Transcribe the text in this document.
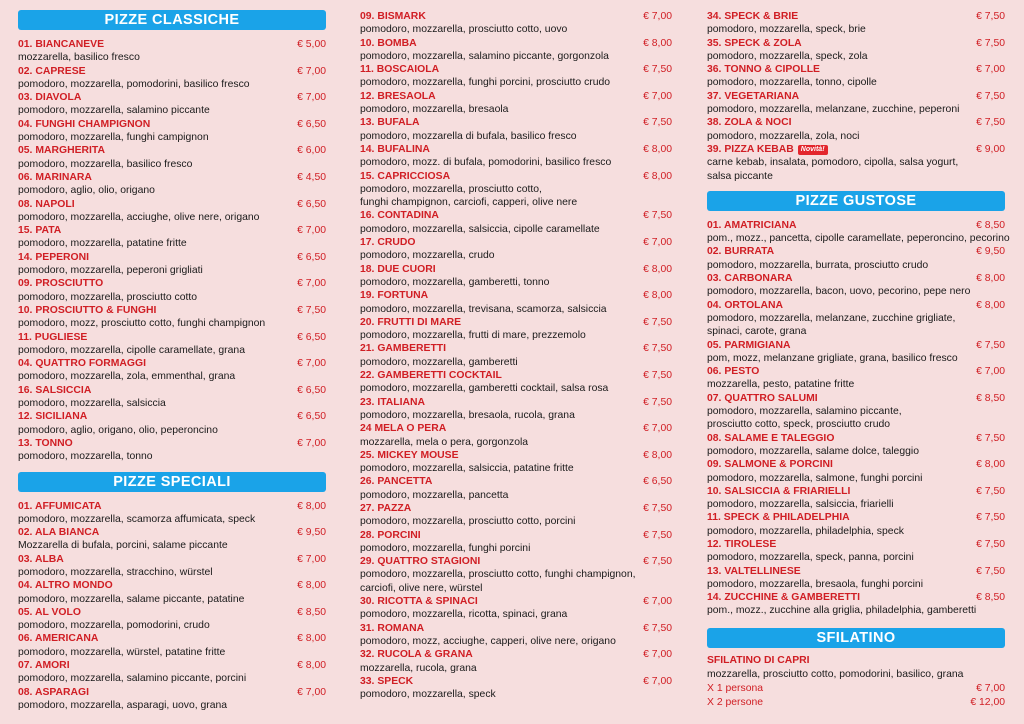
PIZZE CLASSICHE
01. BIANCANEVE	€ 5,00
mozzarella, basilico fresco
02. CAPRESE	€ 7,00
pomodoro, mozzarella, pomodorini, basilico fresco
03. DIAVOLA	€ 7,00
pomodoro, mozzarella, salamino piccante
04. FUNGHI CHAMPIGNON	€ 6,50
pomodoro, mozzarella, funghi campignon
05. MARGHERITA	€ 6,00
pomodoro, mozzarella, basilico fresco
06. MARINARA	€ 4,50
pomodoro, aglio, olio, origano
08. NAPOLI	€ 6,50
pomodoro, mozzarella, acciughe, olive nere, origano
15. PATA	€ 7,00
pomodoro, mozzarella, patatine fritte
14. PEPERONI	€ 6,50
pomodoro, mozzarella, peperoni grigliati
09. PROSCIUTTO	€ 7,00
pomodoro, mozzarella, prosciutto cotto
10. PROSCIUTTO & FUNGHI	€ 7,50
pomodoro, mozz, prosciutto cotto, funghi champignon
11. PUGLIESE	€ 6,50
pomodoro, mozzarella, cipolle caramellate, grana
04. QUATTRO FORMAGGI	€ 7,00
pomodoro, mozzarella, zola, emmenthal, grana
16. SALSICCIA	€ 6,50
pomodoro, mozzarella, salsiccia
12. SICILIANA	€ 6,50
pomodoro, aglio, origano, olio, peperoncino
13. TONNO	€ 7,00
pomodoro, mozzarella, tonno
PIZZE SPECIALI
01. AFFUMICATA	€ 8,00
pomodoro, mozzarella, scamorza affumicata, speck
02. ALA BIANCA	€ 9,50
Mozzarella di bufala, porcini, salame piccante
03. ALBA	€ 7,00
pomodoro, mozzarella, stracchino, würstel
04. ALTRO MONDO	€ 8,00
pomodoro, mozzarella, salame piccante, patatine
05. AL VOLO	€ 8,50
pomodoro, mozzarella, pomodorini, crudo
06. AMERICANA	€ 8,00
pomodoro, mozzarella, würstel, patatine fritte
07. AMORI	€ 8,00
pomodoro, mozzarella, salamino piccante, porcini
08. ASPARAGI	€ 7,00
pomodoro, mozzarella, asparagi, uovo, grana
09. BISMARK	€ 7,00
pomodoro, mozzarella, prosciutto cotto, uovo
10. BOMBA	€ 8,00
pomodoro, mozzarella, salamino piccante, gorgonzola
11. BOSCAIOLA	€ 7,50
pomodoro, mozzarella, funghi porcini, prosciutto crudo
12. BRESAOLA	€ 7,00
pomodoro, mozzarella, bresaola
13. BUFALA	€ 7,50
pomodoro, mozzarella di bufala, basilico fresco
14. BUFALINA	€ 8,00
pomodoro, mozz. di bufala, pomodorini, basilico fresco
15. CAPRICCIOSA	€ 8,00
pomodoro, mozzarella, prosciutto cotto,
funghi champignon, carciofi, capperi, olive nere
16. CONTADINA	€ 7,50
pomodoro, mozzarella, salsiccia, cipolle caramellate
17. CRUDO	€ 7,00
pomodoro, mozzarella, crudo
18. DUE CUORI	€ 8,00
pomodoro, mozzarella, gamberetti, tonno
19. FORTUNA	€ 8,00
pomodoro, mozzarella, trevisana, scamorza, salsiccia
20. FRUTTI DI MARE	€ 7,50
pomodoro, mozzarella, frutti di mare, prezzemolo
21. GAMBERETTI	€ 7,50
pomodoro, mozzarella, gamberetti
22. GAMBERETTI COCKTAIL	€ 7,50
pomodoro, mozzarella, gamberetti cocktail, salsa rosa
23. ITALIANA	€ 7,50
pomodoro, mozzarella, bresaola, rucola, grana
24 MELA O PERA	€ 7,00
mozzarella, mela o pera, gorgonzola
25. MICKEY MOUSE	€ 8,00
pomodoro, mozzarella, salsiccia, patatine fritte
26. PANCETTA	€ 6,50
pomodoro, mozzarella, pancetta
27. PAZZA	€ 7,50
pomodoro, mozzarella, prosciutto cotto, porcini
28. PORCINI	€ 7,50
pomodoro, mozzarella, funghi porcini
29. QUATTRO STAGIONI	€ 7,50
pomodoro, mozzarella, prosciutto cotto, funghi champignon,
carciofi, olive nere, würstel
30. RICOTTA & SPINACI	€ 7,00
pomodoro, mozzarella, ricotta, spinaci, grana
31. ROMANA	€ 7,50
pomodoro, mozz, acciughe, capperi, olive nere, origano
32. RUCOLA & GRANA	€ 7,00
mozzarella, rucola, grana
33. SPECK	€ 7,00
pomodoro, mozzarella, speck
34. SPECK & BRIE	€ 7,50
pomodoro, mozzarella, speck, brie
35. SPECK & ZOLA	€ 7,50
pomodoro, mozzarella, speck, zola
36. TONNO & CIPOLLE	€ 7,00
pomodoro, mozzarella, tonno, cipolle
37. VEGETARIANA	€ 7,50
pomodoro, mozzarella, melanzane, zucchine, peperoni
38. ZOLA & NOCI	€ 7,50
pomodoro, mozzarella, zola, noci
39. PIZZA KEBAB Novità!	€ 9,00
carne kebab, insalata, pomodoro, cipolla, salsa yogurt,
salsa piccante
PIZZE GUSTOSE
01. AMATRICIANA	€ 8,50
pom., mozz., pancetta, cipolle caramellate, peperoncino, pecorino
02. BURRATA	€ 9,50
pomodoro, mozzarella, burrata, prosciutto crudo
03. CARBONARA	€ 8,00
pomodoro, mozzarella, bacon, uovo, pecorino, pepe nero
04. ORTOLANA	€ 8,00
pomodoro, mozzarella, melanzane, zucchine grigliate,
spinaci, carote, grana
05. PARMIGIANA	€ 7,50
pom, mozz, melanzane grigliate, grana, basilico fresco
06. PESTO	€ 7,00
mozzarella, pesto, patatine fritte
07. QUATTRO SALUMI	€ 8,50
pomodoro, mozzarella, salamino piccante,
prosciutto cotto, speck, prosciutto crudo
08. SALAME E TALEGGIO	€ 7,50
pomodoro, mozzarella, salame dolce, taleggio
09. SALMONE & PORCINI	€ 8,00
pomodoro, mozzarella, salmone, funghi porcini
10. SALSICCIA & FRIARIELLI	€ 7,50
pomodoro, mozzarella, salsiccia, friarielli
11. SPECK & PHILADELPHIA	€ 7,50
pomodoro, mozzarella, philadelphia, speck
12. TIROLESE	€ 7,50
pomodoro, mozzarella, speck, panna, porcini
13. VALTELLINESE	€ 7,50
pomodoro, mozzarella, bresaola, funghi porcini
14. ZUCCHINE & GAMBERETTI	€ 8,50
pom., mozz., zucchine alla griglia, philadelphia, gamberetti
SFILATINO
SFILATINO DI CAPRI
mozzarella, prosciutto cotto, pomodorini, basilico, grana
X 1 persona	€ 7,00
X 2 persone	€ 12,00
